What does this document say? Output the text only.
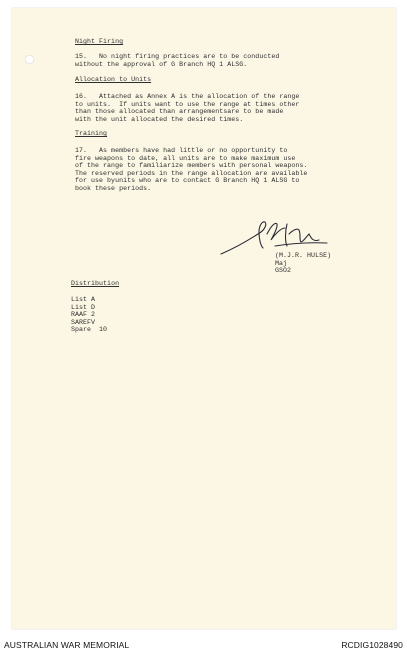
Night Firing
15.   No night firing practices are to be conducted
without the approval of G Branch HQ 1 ALSG.
Allocation to Units
16.   Attached as Annex A is the allocation of the range
to units.  If units want to use the range at times other
than those allocated than arrangementsare to be made
with the unit allocated the desired times.
Training
17.   As members have had little or no opportunity to
fire weapons to date, all units are to make maximum use
of the range to familiarize members with personal weapons.
The reserved periods in the range allocation are available
for use byunits who are to contact G Branch HQ 1 ALSG to
book these periods.
(M.J.R. HULSE)
Maj
GSO2
Distribution
List A
List D
RAAF 2
SAREFV
Spare  10
AUSTRALIAN WAR MEMORIAL	RCDIG1028490
